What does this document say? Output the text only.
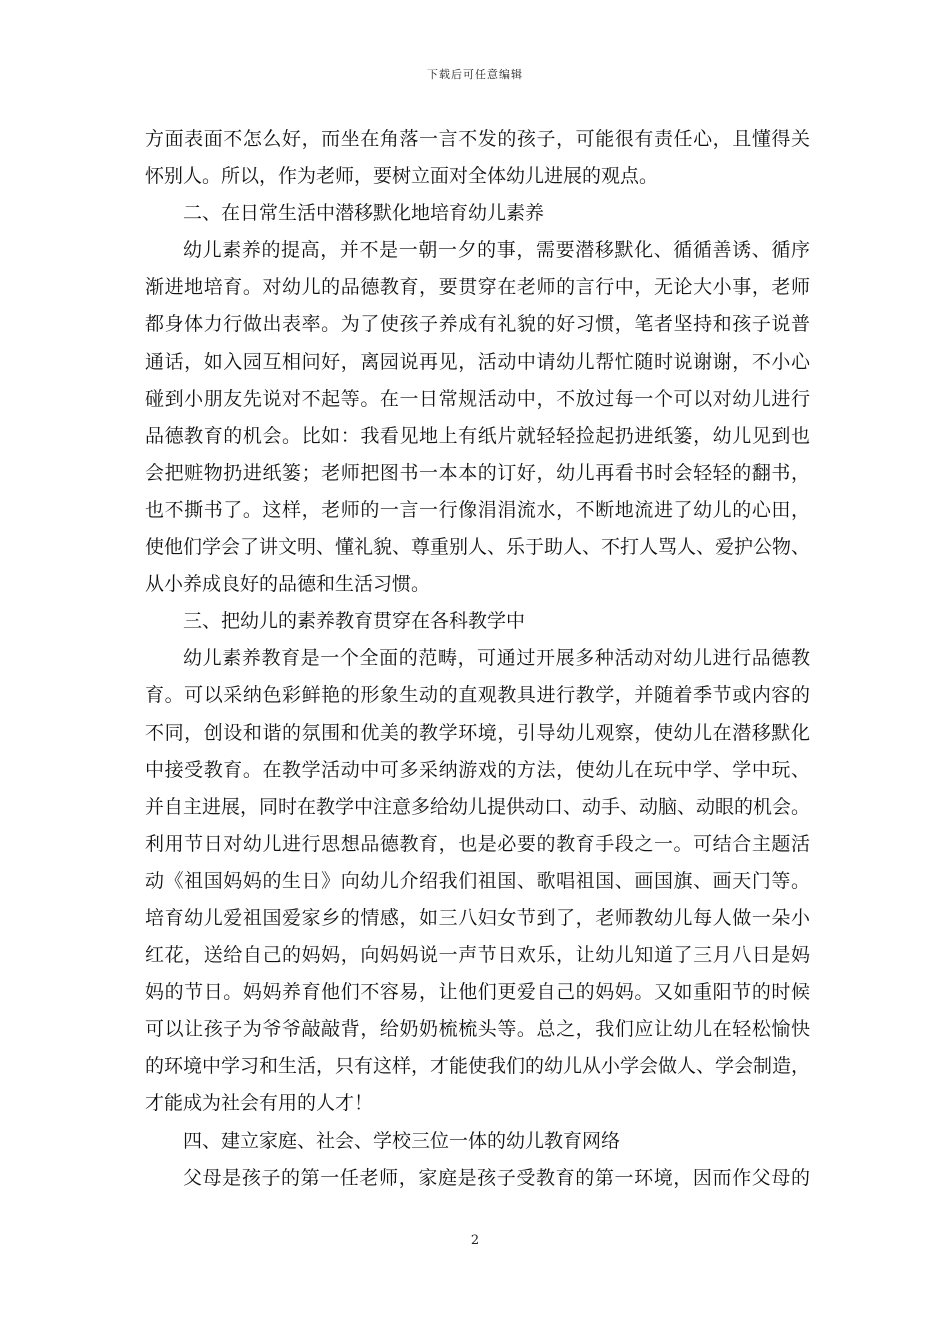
下载后可任意编辑
方面表面不怎么好，而坐在角落一言不发的孩子，可能很有责任心，且懂得关
怀别人。所以，作为老师，要树立面对全体幼儿进展的观点。
二、在日常生活中潜移默化地培育幼儿素养
幼儿素养的提高，并不是一朝一夕的事，需要潜移默化、循循善诱、循序
渐进地培育。对幼儿的品德教育，要贯穿在老师的言行中，无论大小事，老师
都身体力行做出表率。为了使孩子养成有礼貌的好习惯，笔者坚持和孩子说普
通话，如入园互相问好，离园说再见，活动中请幼儿帮忙随时说谢谢，不小心
碰到小朋友先说对不起等。在一日常规活动中，不放过每一个可以对幼儿进行
品德教育的机会。比如：我看见地上有纸片就轻轻捡起扔进纸篓，幼儿见到也
会把赃物扔进纸篓；老师把图书一本本的订好，幼儿再看书时会轻轻的翻书，
也不撕书了。这样，老师的一言一行像涓涓流水，不断地流进了幼儿的心田，
使他们学会了讲文明、懂礼貌、尊重别人、乐于助人、不打人骂人、爱护公物、
从小养成良好的品德和生活习惯。
三、把幼儿的素养教育贯穿在各科教学中
幼儿素养教育是一个全面的范畴，可通过开展多种活动对幼儿进行品德教
育。可以采纳色彩鲜艳的形象生动的直观教具进行教学，并随着季节或内容的
不同，创设和谐的氛围和优美的教学环境，引导幼儿观察，使幼儿在潜移默化
中接受教育。在教学活动中可多采纳游戏的方法，使幼儿在玩中学、学中玩、
并自主进展，同时在教学中注意多给幼儿提供动口、动手、动脑、动眼的机会。
利用节日对幼儿进行思想品德教育，也是必要的教育手段之一。可结合主题活
动《祖国妈妈的生日》向幼儿介绍我们祖国、歌唱祖国、画国旗、画天门等。
培育幼儿爱祖国爱家乡的情感，如三八妇女节到了，老师教幼儿每人做一朵小
红花，送给自己的妈妈，向妈妈说一声节日欢乐，让幼儿知道了三月八日是妈
妈的节日。妈妈养育他们不容易，让他们更爱自己的妈妈。又如重阳节的时候
可以让孩子为爷爷敲敲背，给奶奶梳梳头等。总之，我们应让幼儿在轻松愉快
的环境中学习和生活，只有这样，才能使我们的幼儿从小学会做人、学会制造，
才能成为社会有用的人才！
四、建立家庭、社会、学校三位一体的幼儿教育网络
父母是孩子的第一任老师，家庭是孩子受教育的第一环境，因而作父母的
2
